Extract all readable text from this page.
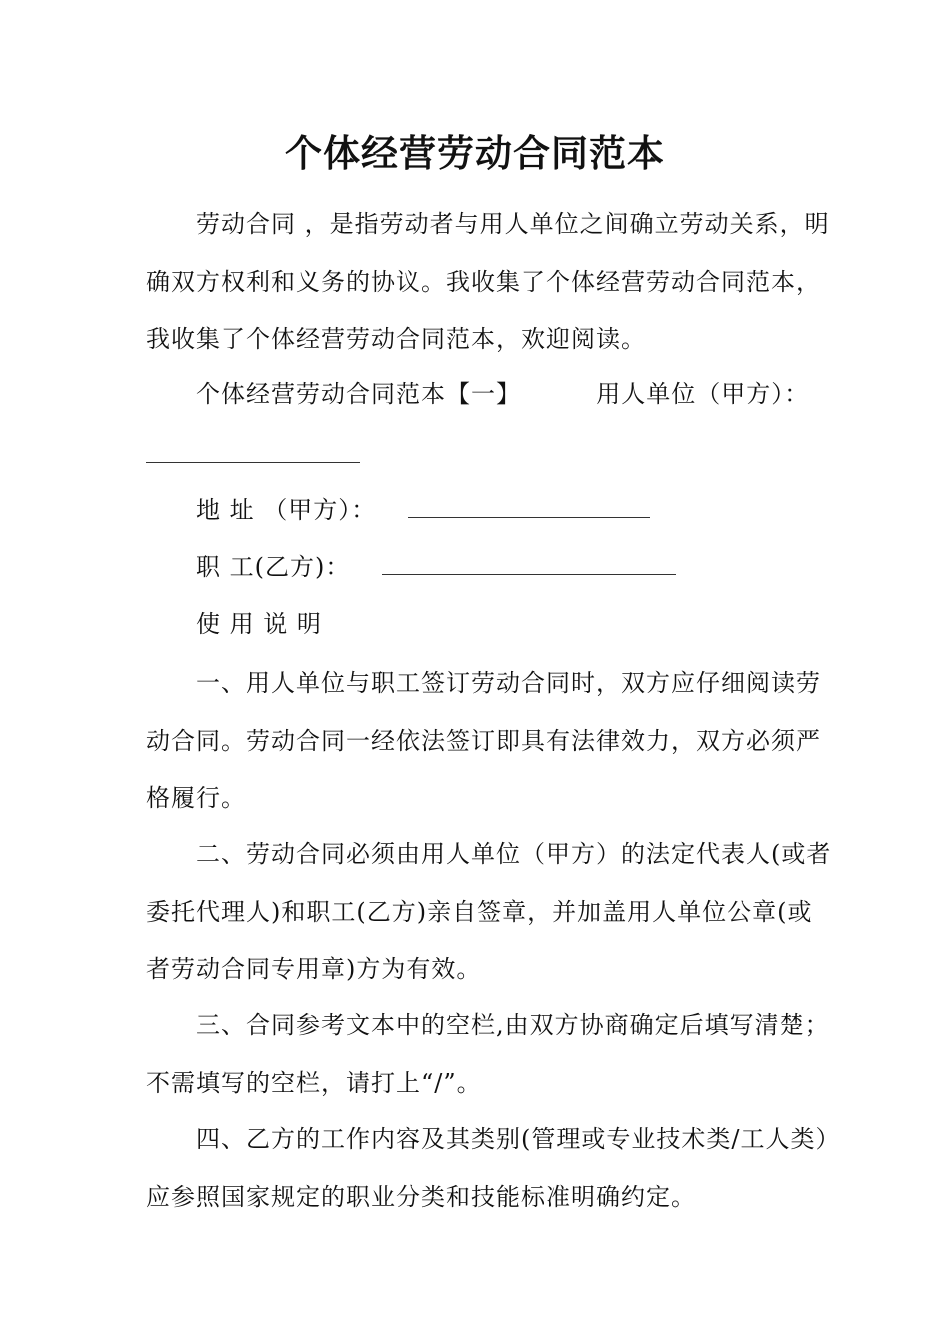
个体经营劳动合同范本

劳动合同 ，是指劳动者与用人单位之间确立劳动关系，明确双方权利和义务的协议。我收集了个体经营劳动合同范本，我收集了个体经营劳动合同范本，欢迎阅读。

个体经营劳动合同范本【一】	用人单位（甲方）：
地 址 （甲方）：
职 工(乙方)：
使 用 说 明

一、用人单位与职工签订劳动合同时，双方应仔细阅读劳动合同。劳动合同一经依法签订即具有法律效力，双方必须严格履行。

二、劳动合同必须由用人单位（甲方）的法定代表人(或者委托代理人)和职工(乙方)亲自签章，并加盖用人单位公章(或者劳动合同专用章)方为有效。

三、合同参考文本中的空栏,由双方协商确定后填写清楚；不需填写的空栏，请打上“/”。

四、乙方的工作内容及其类别(管理或专业技术类/工人类）应参照国家规定的职业分类和技能标准明确约定。
